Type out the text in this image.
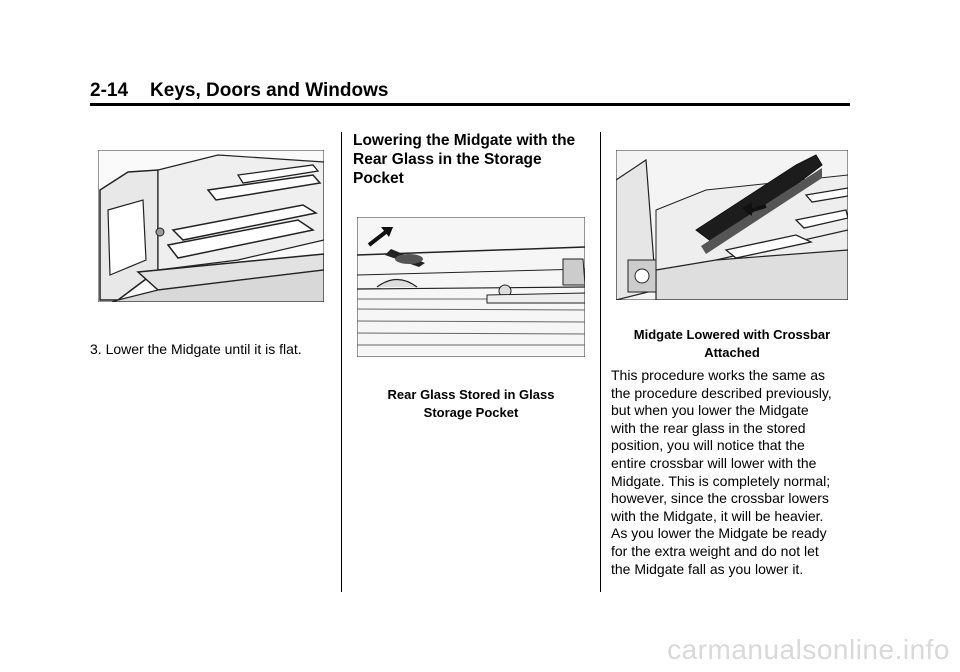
2-14 Keys, Doors and Windows
3. Lower the Midgate until it is flat.
Lowering the Midgate with the Rear Glass in the Storage Pocket
Rear Glass Stored in Glass
Storage Pocket
Midgate Lowered with Crossbar
Attached
This procedure works the same as
the procedure described previously,
but when you lower the Midgate
with the rear glass in the stored
position, you will notice that the
entire crossbar will lower with the
Midgate. This is completely normal;
however, since the crossbar lowers
with the Midgate, it will be heavier.
As you lower the Midgate be ready
for the extra weight and do not let
the Midgate fall as you lower it.
carmanualsonline.info
